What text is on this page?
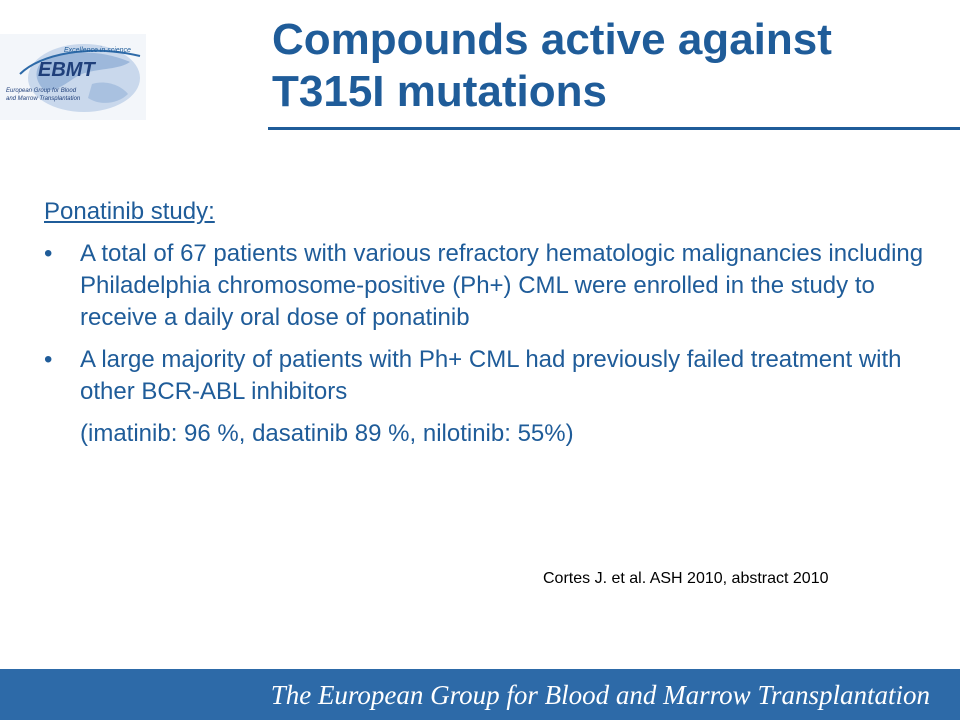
Excellence in science
EBMT
European Group for Blood
and Marrow Transplantation
Compounds active against
T315I mutations
Ponatinib study:
• A total of 67 patients with various refractory hematologic malignancies including Philadelphia chromosome-positive (Ph+) CML were enrolled in the study to receive a daily oral dose of ponatinib
• A large majority of patients with Ph+ CML had previously failed treatment with other BCR-ABL inhibitors
(imatinib: 96 %, dasatinib 89 %, nilotinib: 55%)
Cortes J. et al. ASH 2010, abstract 2010
The European Group for Blood and Marrow Transplantation
